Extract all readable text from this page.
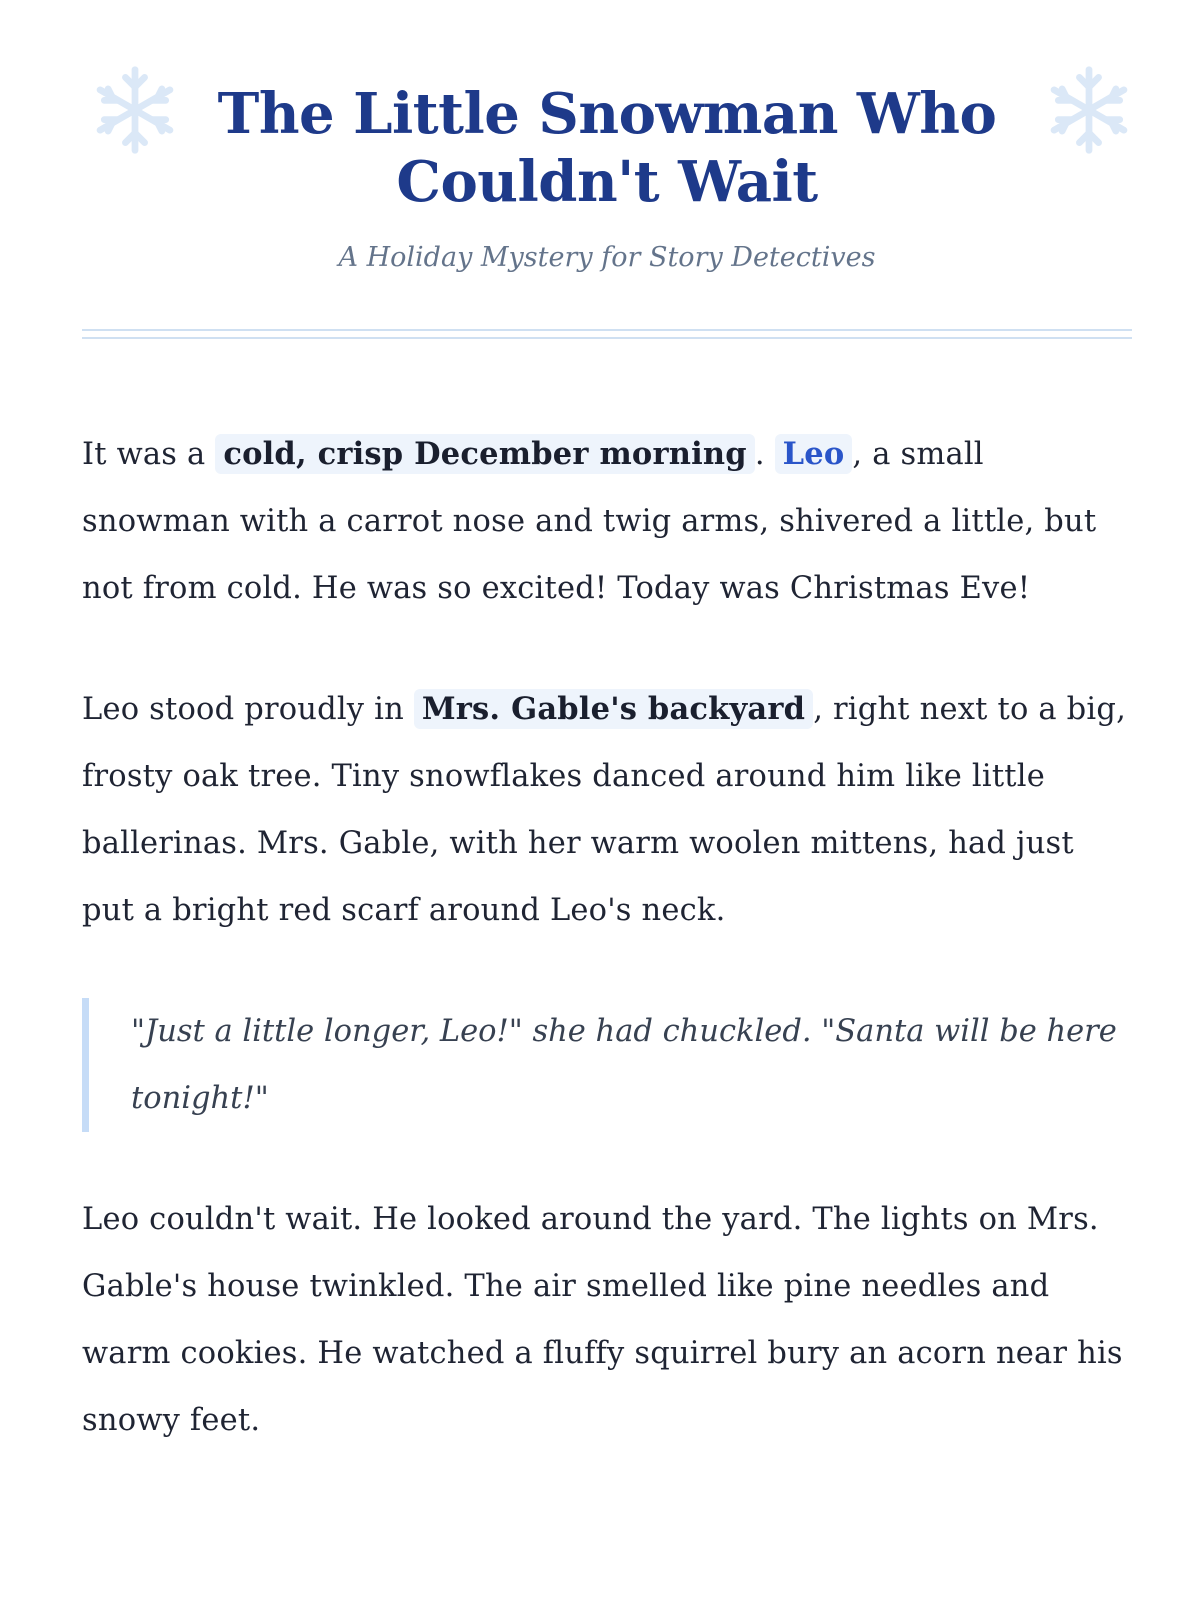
The Little Snowman Who Couldn't Wait

A Holiday Mystery for Story Detectives

It was a cold, crisp December morning . Leo , a small snowman with a carrot nose and twig arms, shivered a little, but not from cold. He was so excited! Today was Christmas Eve!

Leo stood proudly in Mrs. Gable's backyard , right next to a big, frosty oak tree. Tiny snowflakes danced around him like little ballerinas. Mrs. Gable, with her warm woolen mittens, had just put a bright red scarf around Leo's neck.

"Just a little longer, Leo!" she had chuckled. "Santa will be here tonight!"

Leo couldn't wait. He looked around the yard. The lights on Mrs. Gable's house twinkled. The air smelled like pine needles and warm cookies. He watched a fluffy squirrel bury an acorn near his snowy feet.
